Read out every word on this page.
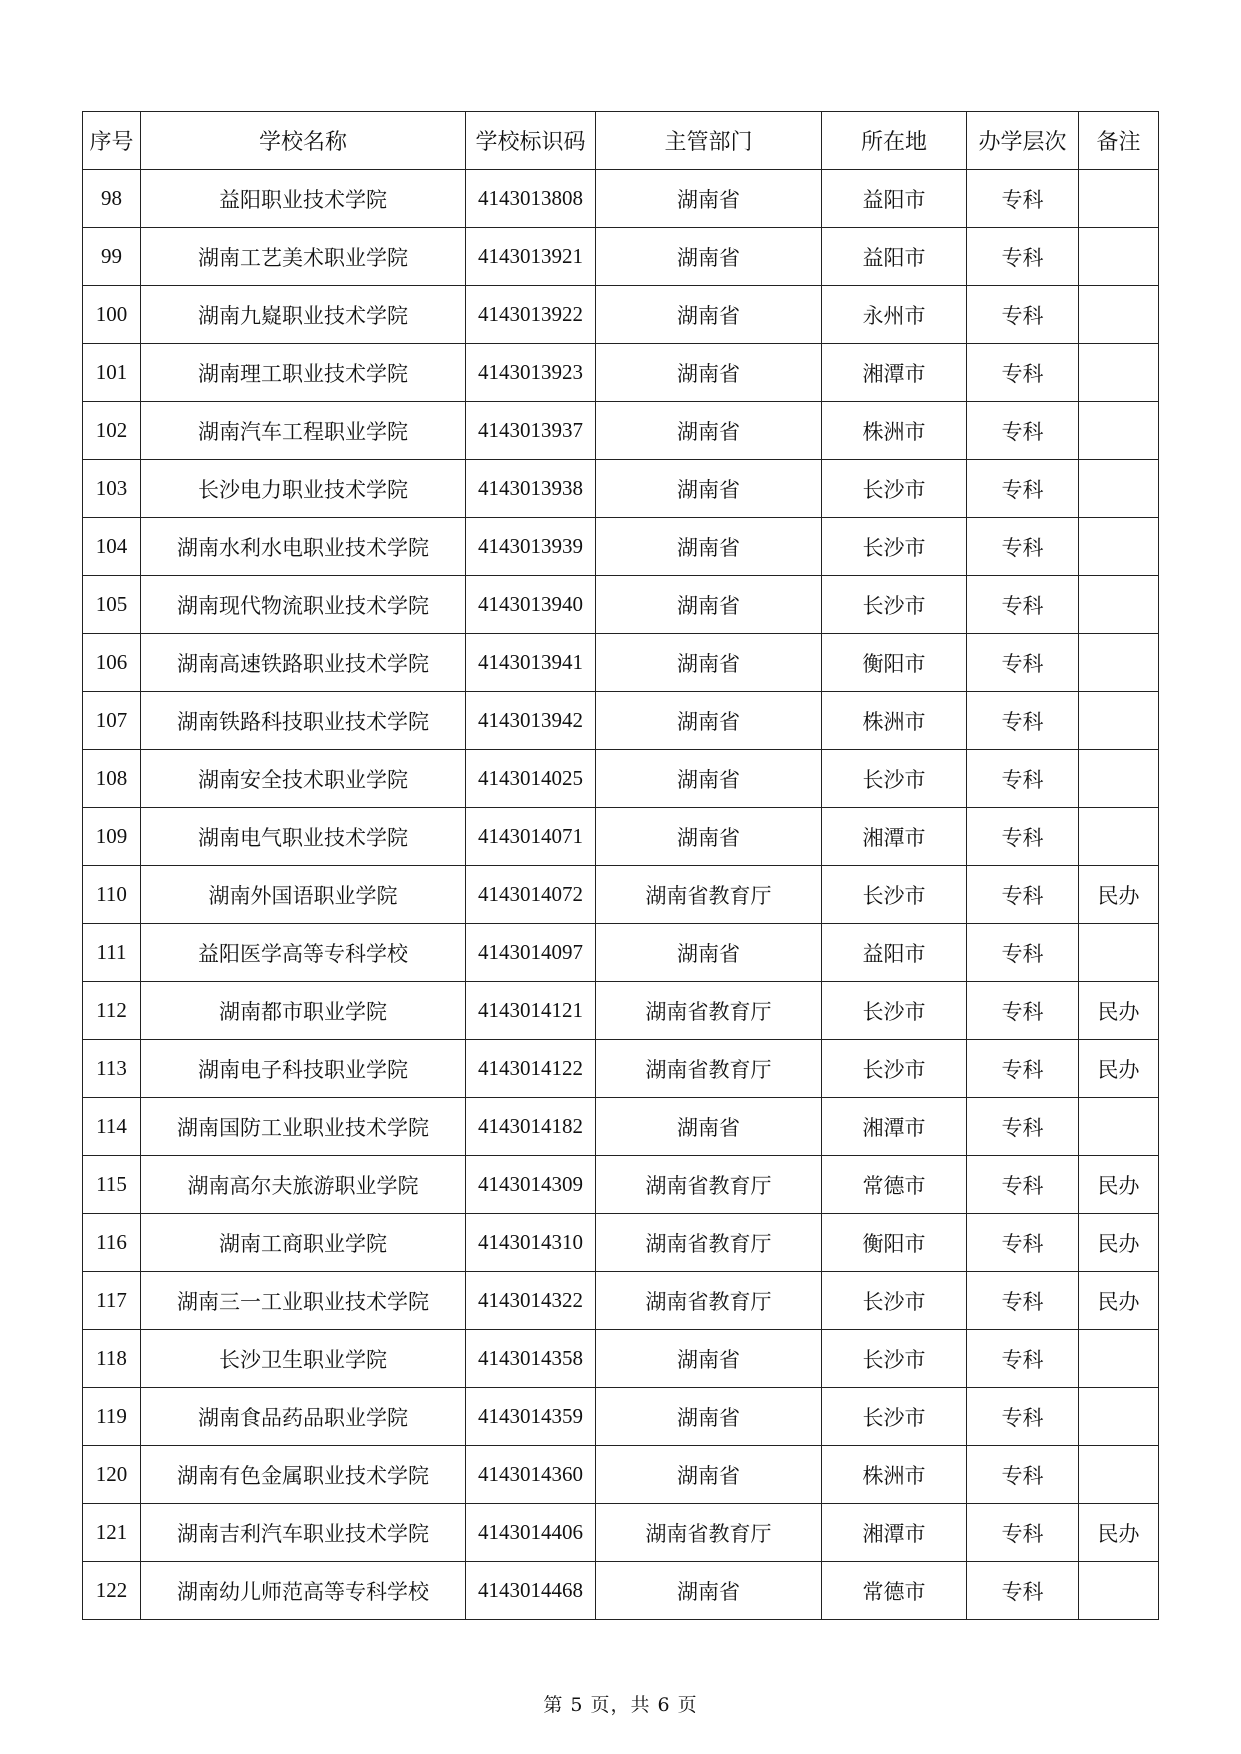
序号	学校名称	学校标识码	主管部门	所在地	办学层次	备注
98	益阳职业技术学院	4143013808	湖南省	益阳市	专科	
99	湖南工艺美术职业学院	4143013921	湖南省	益阳市	专科	
100	湖南九嶷职业技术学院	4143013922	湖南省	永州市	专科	
101	湖南理工职业技术学院	4143013923	湖南省	湘潭市	专科	
102	湖南汽车工程职业学院	4143013937	湖南省	株洲市	专科	
103	长沙电力职业技术学院	4143013938	湖南省	长沙市	专科	
104	湖南水利水电职业技术学院	4143013939	湖南省	长沙市	专科	
105	湖南现代物流职业技术学院	4143013940	湖南省	长沙市	专科	
106	湖南高速铁路职业技术学院	4143013941	湖南省	衡阳市	专科	
107	湖南铁路科技职业技术学院	4143013942	湖南省	株洲市	专科	
108	湖南安全技术职业学院	4143014025	湖南省	长沙市	专科	
109	湖南电气职业技术学院	4143014071	湖南省	湘潭市	专科	
110	湖南外国语职业学院	4143014072	湖南省教育厅	长沙市	专科	民办
111	益阳医学高等专科学校	4143014097	湖南省	益阳市	专科	
112	湖南都市职业学院	4143014121	湖南省教育厅	长沙市	专科	民办
113	湖南电子科技职业学院	4143014122	湖南省教育厅	长沙市	专科	民办
114	湖南国防工业职业技术学院	4143014182	湖南省	湘潭市	专科	
115	湖南高尔夫旅游职业学院	4143014309	湖南省教育厅	常德市	专科	民办
116	湖南工商职业学院	4143014310	湖南省教育厅	衡阳市	专科	民办
117	湖南三一工业职业技术学院	4143014322	湖南省教育厅	长沙市	专科	民办
118	长沙卫生职业学院	4143014358	湖南省	长沙市	专科	
119	湖南食品药品职业学院	4143014359	湖南省	长沙市	专科	
120	湖南有色金属职业技术学院	4143014360	湖南省	株洲市	专科	
121	湖南吉利汽车职业技术学院	4143014406	湖南省教育厅	湘潭市	专科	民办
122	湖南幼儿师范高等专科学校	4143014468	湖南省	常德市	专科	
第 5 页，共 6 页
